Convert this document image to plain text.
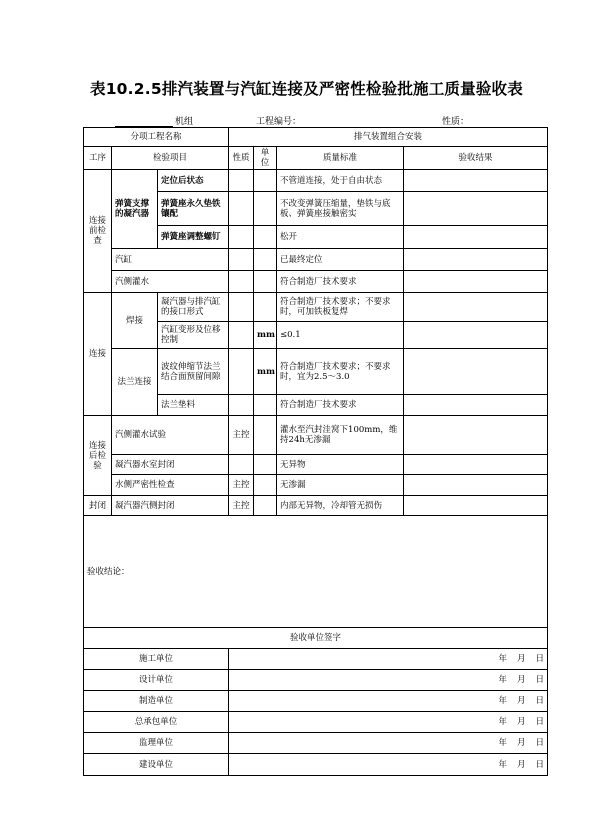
表10.2.5排汽装置与汽缸连接及严密性检验批施工质量验收表
机组	工程编号：	性质：
分项工程名称			排气装置组合安装			
工序	检验项目		性质	单位	质量标准	验收结果
连接前检查	弹簧支撑的凝汽器	定位后状态			不管道连接，处于自由状态	
		弹簧座永久垫铁镶配			不改变弹簧压缩量，垫铁与底板、弹簧座接触密实	
		弹簧座调整螺钉			松开	
	汽缸				已最终定位	
	汽侧灌水				符合制造厂技术要求	
连接	焊接	凝汽器与排汽缸的接口形式			符合制造厂技术要求；不要求时，可加铁板复焊	
		汽缸变形及位移控制		mm	≤0.1	

	法兰连接	波纹伸缩节法兰结合面预留间隙		mm	符合制造厂技术要求；不要求时，宜为2.5～3.0	
		法兰垫料			符合制造厂技术要求	
连接后检验	汽侧灌水试验		主控		灌水至汽封洼窝下100mm，维持24h无渗漏	
	凝汽器水室封闭				无异物	
	水侧严密性检查		主控		无渗漏	
封闭	凝汽器汽侧封闭		主控		内部无异物，冷却管无损伤	
验收结论：						
验收单位签字						
施工单位			年 月 日			

设计单位			年 月 日			

制造单位			年 月 日			

总承包单位			年 月 日			

监理单位			年 月 日			

建设单位			年 月 日			
